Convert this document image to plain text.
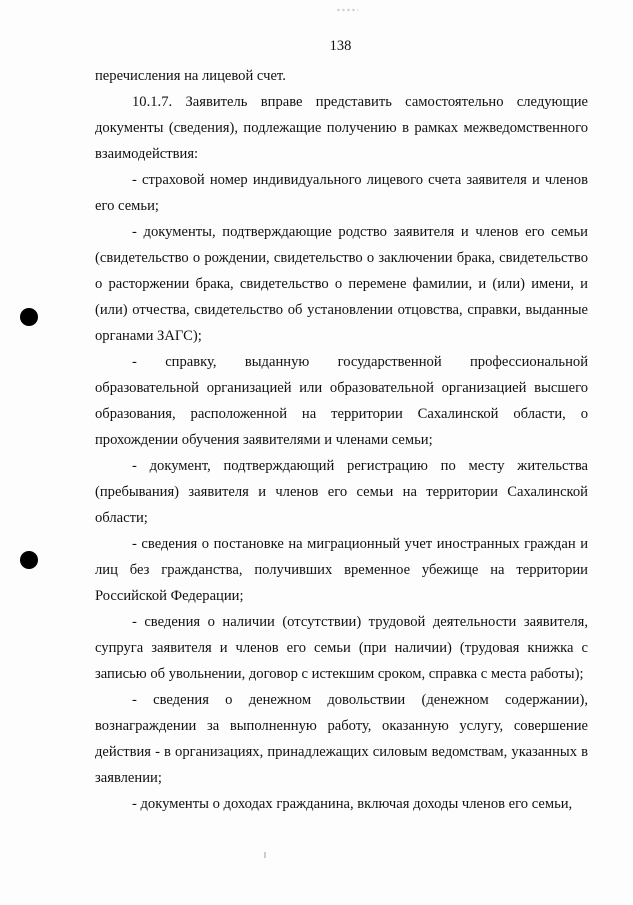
138

перечисления на лицевой счет.

10.1.7. Заявитель вправе представить самостоятельно следующие документы (сведения), подлежащие получению в рамках межведомственного взаимодействия:

- страховой номер индивидуального лицевого счета заявителя и членов его семьи;

- документы, подтверждающие родство заявителя и членов его семьи (свидетельство о рождении, свидетельство о заключении брака, свидетельство о расторжении брака, свидетельство о перемене фамилии, и (или) имени, и (или) отчества, свидетельство об установлении отцовства, справки, выданные органами ЗАГС);

- справку, выданную государственной профессиональной образовательной организацией или образовательной организацией высшего образования, расположенной на территории Сахалинской области, о прохождении обучения заявителями и членами семьи;

- документ, подтверждающий регистрацию по месту жительства (пребывания) заявителя и членов его семьи на территории Сахалинской области;

- сведения о постановке на миграционный учет иностранных граждан и лиц без гражданства, получивших временное убежище на территории Российской Федерации;

- сведения о наличии (отсутствии) трудовой деятельности заявителя, супруга заявителя и членов его семьи (при наличии) (трудовая книжка с записью об увольнении, договор с истекшим сроком, справка с места работы);

- сведения о денежном довольствии (денежном содержании), вознаграждении за выполненную работу, оказанную услугу, совершение действия - в организациях, принадлежащих силовым ведомствам, указанных в заявлении;

- документы о доходах гражданина, включая доходы членов его семьи,
